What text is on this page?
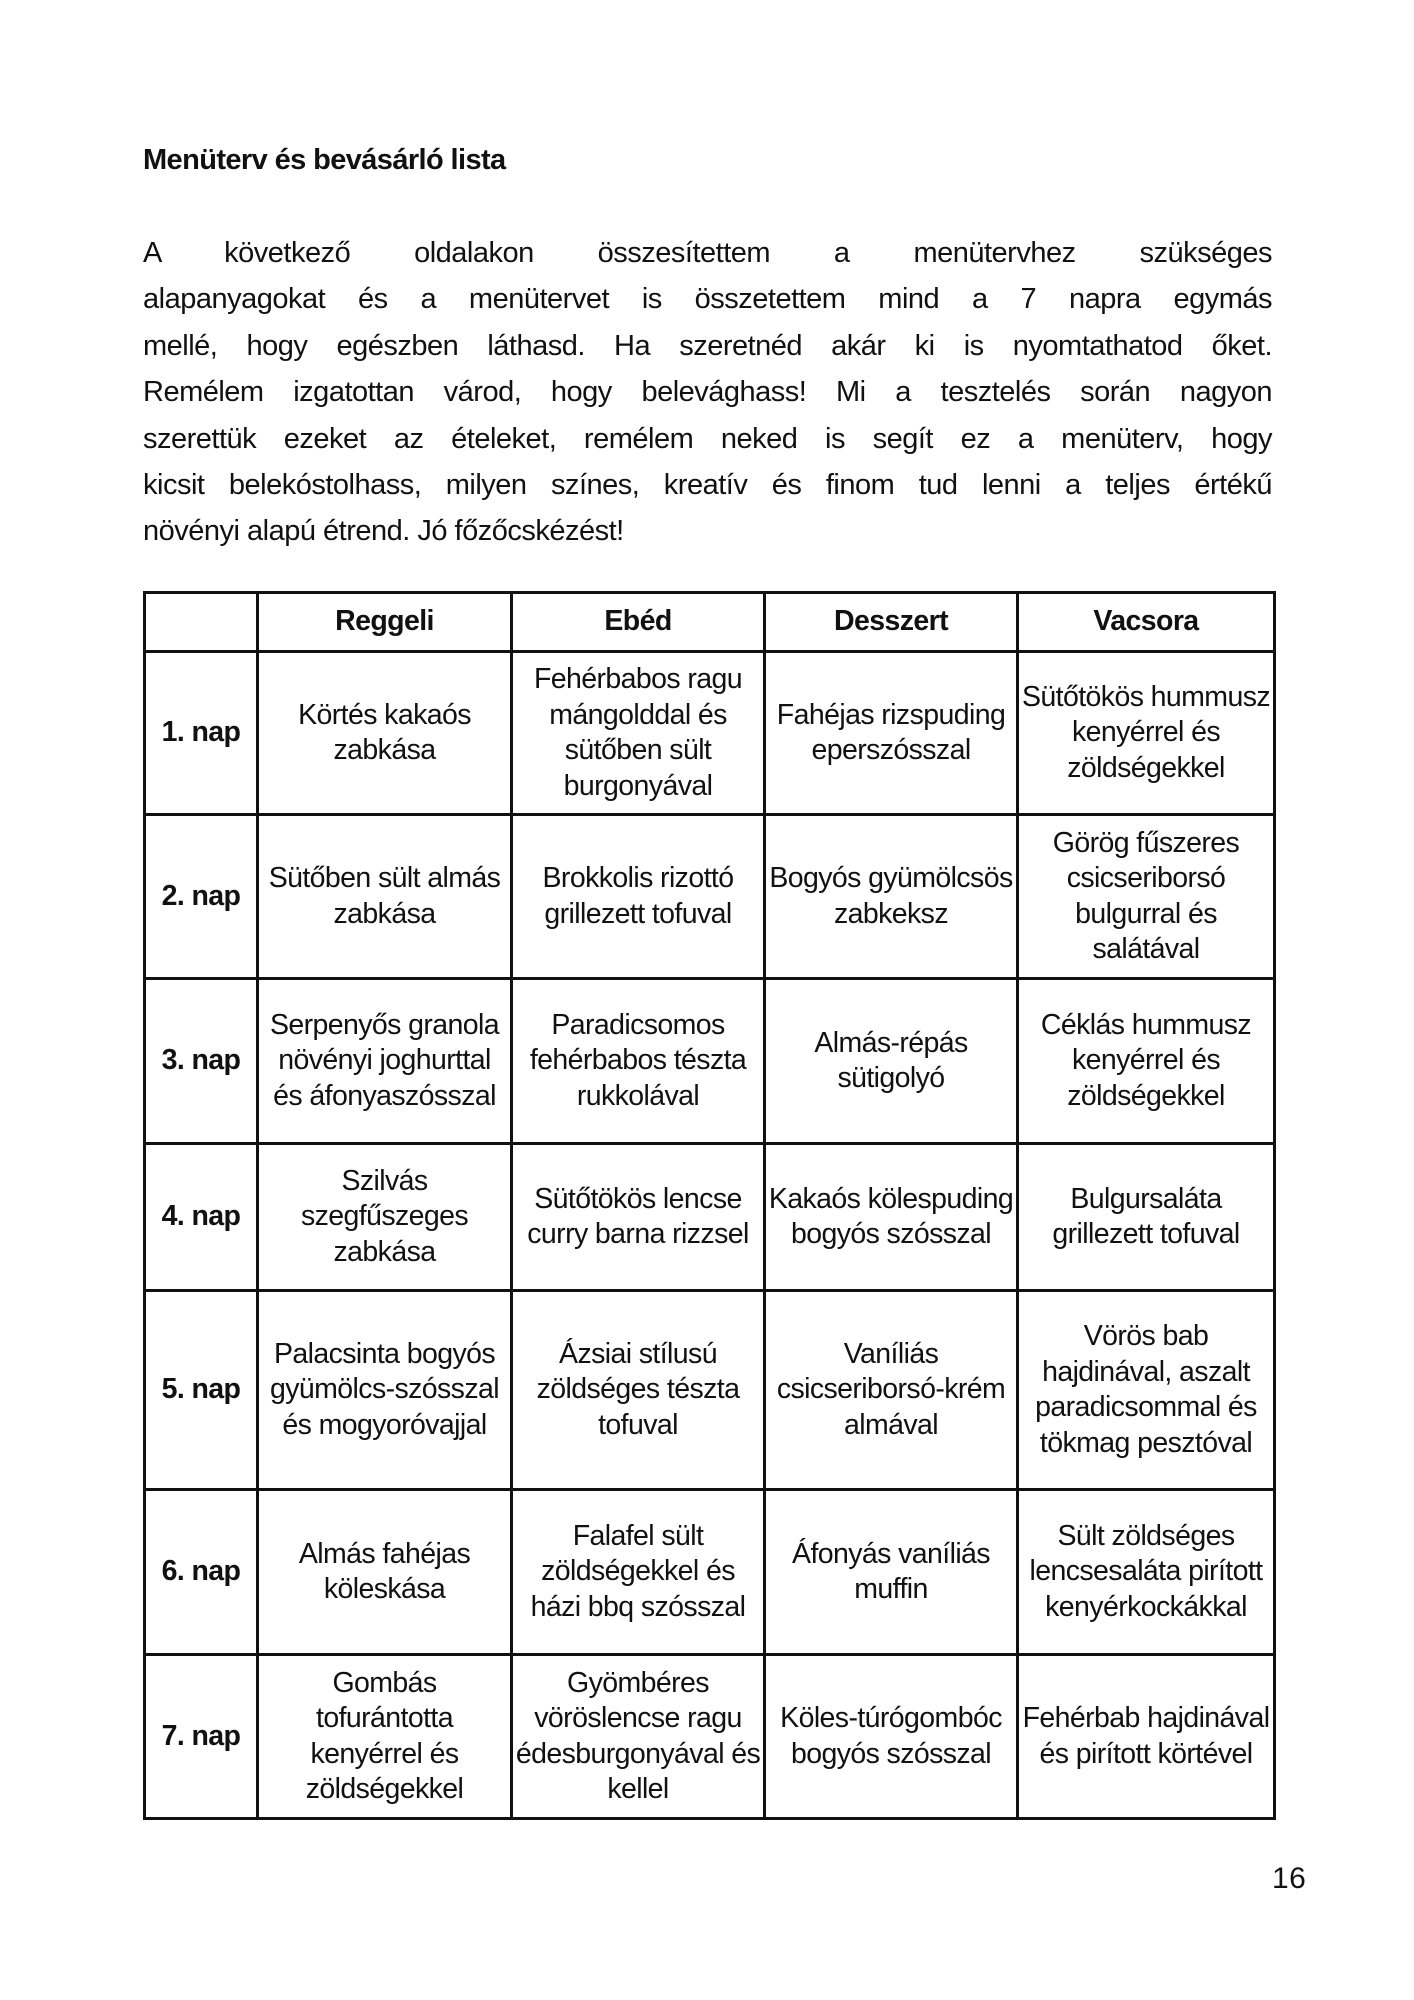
Menüterv és bevásárló lista
A következő oldalakon összesítettem a menütervhez szükséges
alapanyagokat és a menütervet is összetettem mind a 7 napra egymás
mellé, hogy egészben láthasd. Ha szeretnéd akár ki is nyomtathatod őket.
Remélem izgatottan várod, hogy belevághass! Mi a tesztelés során nagyon
szerettük ezeket az ételeket, remélem neked is segít ez a menüterv, hogy
kicsit belekóstolhass, milyen színes, kreatív és finom tud lenni a teljes értékű
növényi alapú étrend. Jó főzőcskézést!
	Reggeli	Ebéd	Desszert	Vacsora
1. nap	Körtés kakaós zabkása	Fehérbabos ragu mángolddal és sütőben sült burgonyával	Fahéjas rizspuding eperszósszal	Sütőtökös hummusz kenyérrel és zöldségekkel
2. nap	Sütőben sült almás zabkása	Brokkolis rizottó grillezett tofuval	Bogyós gyümölcsös zabkeksz	Görög fűszeres csicseriborsó bulgurral és salátával
3. nap	Serpenyős granola növényi joghurttal és áfonyaszósszal	Paradicsomos fehérbabos tészta rukkolával	Almás-répás sütigolyó	Céklás hummusz kenyérrel és zöldségekkel
4. nap	Szilvás szegfűszeges zabkása	Sütőtökös lencse curry barna rizzsel	Kakaós kölespuding bogyós szósszal	Bulgursaláta grillezett tofuval
5. nap	Palacsinta bogyós gyümölcs-szósszal és mogyoróvajjal	Ázsiai stílusú zöldséges tészta tofuval	Vaníliás csicseriborsó-krém almával	Vörös bab hajdinával, aszalt paradicsommal és tökmag pesztóval
6. nap	Almás fahéjas köleskása	Falafel sült zöldségekkel és házi bbq szósszal	Áfonyás vaníliás muffin	Sült zöldséges lencsesaláta pirított kenyérkockákkal
7. nap	Gombás tofurántotta kenyérrel és zöldségekkel	Gyömbéres vöröslencse ragu édesburgonyával és kellel	Köles-túrógombóc bogyós szósszal	Fehérbab hajdinával és pirított körtével
16
